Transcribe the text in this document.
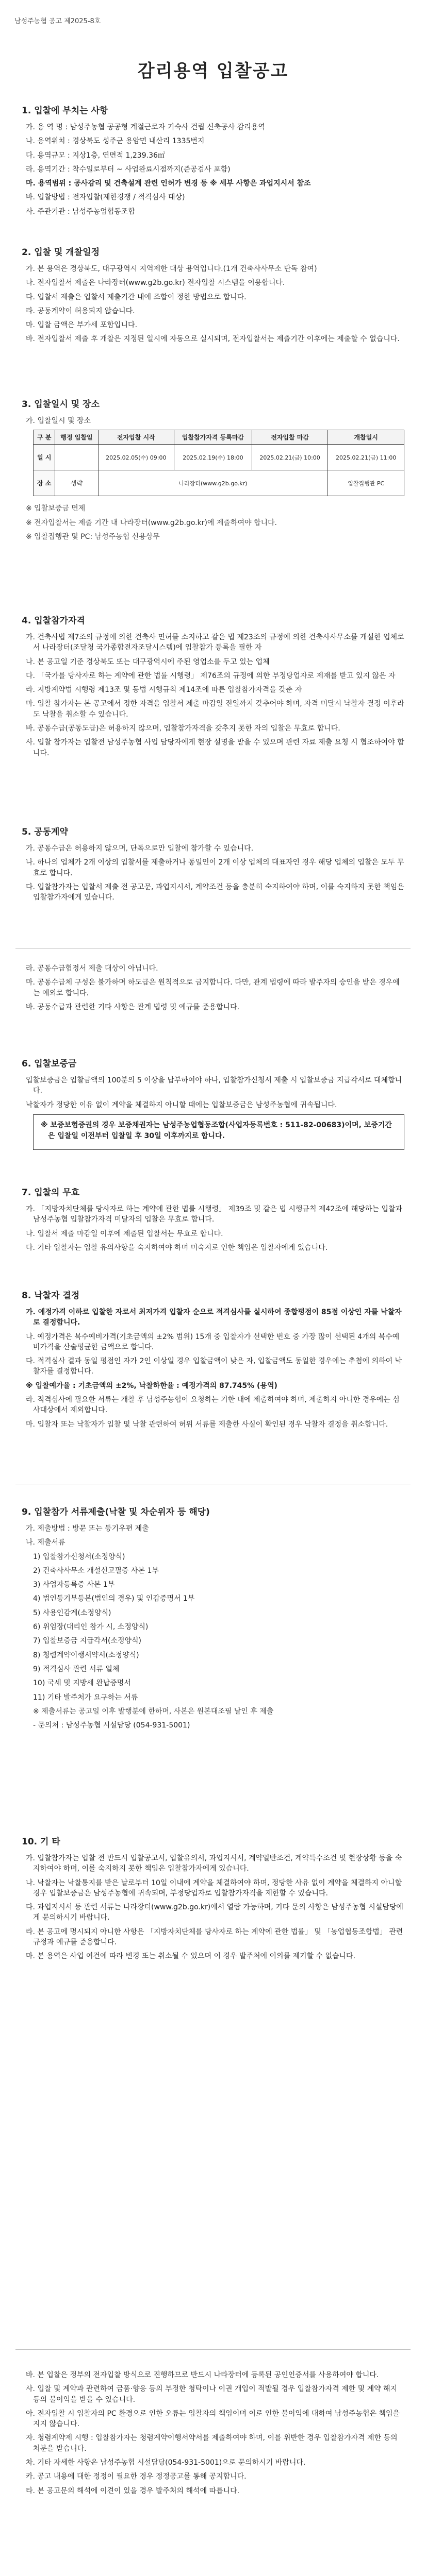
남성주농협 공고 제2025-8호
감리용역 입찰공고
1. 입찰에 부치는 사항

가. 용 역 명 : 남성주농협 공공형 계절근로자 기숙사 건립 신축공사 감리용역

나. 용역위치 : 경상북도 성주군 용암면 내산리 1335번지

다. 용역규모 : 지상1층, 연면적 1,239.36㎡

라. 용역기간 : 착수일로부터 ~ 사업완료시점까지(준공검사 포함)

마. 용역범위 : 공사감리 및 건축설계 관련 인허가 변경 등 ※ 세부 사항은 과업지시서 참조

바. 입찰방법 : 전자입찰(제한경쟁 / 적격심사 대상)

사. 주관기관 : 남성주농업협동조합

2. 입찰 및 개찰일정

가. 본 용역은 경상북도, 대구광역시 지역제한 대상 용역입니다.(1개 건축사사무소 단독 참여)

나. 전자입찰서 제출은 나라장터(www.g2b.go.kr) 전자입찰 시스템을 이용합니다.

다. 입찰서 제출은 입찰서 제출기간 내에 조합이 정한 방법으로 합니다.

라. 공동계약이 허용되지 않습니다.

마. 입찰 금액은 부가세 포함입니다.

바. 전자입찰서 제출 후 개찰은 지정된 일시에 자동으로 실시되며, 전자입찰서는 제출기간 이후에는 제출할 수 없습니다.

3. 입찰일시 및 장소

가. 입찰일시 및 장소

구 분	행정 입찰일	전자입찰 시작	입찰참가자격 등록마감	전자입찰 마감	개찰일시
일 시		2025.02.05(수) 09:00	2025.02.19(수) 18:00	2025.02.21(금) 10:00	2025.02.21(금) 11:00
장 소	생략	나라장터(www.g2b.go.kr)			입찰집행관 PC

※ 입찰보증금 면제

※ 전자입찰서는 제출 기간 내 나라장터(www.g2b.go.kr)에 제출하여야 합니다.

※ 입찰집행관 및 PC: 남성주농협 신용상무

4. 입찰참가자격

가. 건축사법 제7조의 규정에 의한 건축사 면허를 소지하고 같은 법 제23조의 규정에 의한 건축사사무소를 개설한 업체로서 나라장터(조달청 국가종합전자조달시스템)에 입찰참가 등록을 필한 자

나. 본 공고일 기준 경상북도 또는 대구광역시에 주된 영업소를 두고 있는 업체

다. 「국가를 당사자로 하는 계약에 관한 법률 시행령」 제76조의 규정에 의한 부정당업자로 제재를 받고 있지 않은 자

라. 지방계약법 시행령 제13조 및 동법 시행규칙 제14조에 따른 입찰참가자격을 갖춘 자

마. 입찰 참가자는 본 공고에서 정한 자격을 입찰서 제출 마감일 전일까지 갖추어야 하며, 자격 미달시 낙찰자 결정 이후라도 낙찰을 취소할 수 있습니다.

바. 공동수급(공동도급)은 허용하지 않으며, 입찰참가자격을 갖추지 못한 자의 입찰은 무효로 합니다.

사. 입찰 참가자는 입찰전 남성주농협 사업 담당자에게 현장 설명을 받을 수 있으며 관련 자료 제출 요청 시 협조하여야 합니다.

5. 공동계약

가. 공동수급은 허용하지 않으며, 단독으로만 입찰에 참가할 수 있습니다.

나. 하나의 업체가 2개 이상의 입찰서를 제출하거나 동일인이 2개 이상 업체의 대표자인 경우 해당 업체의 입찰은 모두 무효로 합니다.

다. 입찰참가자는 입찰서 제출 전 공고문, 과업지시서, 계약조건 등을 충분히 숙지하여야 하며, 이를 숙지하지 못한 책임은 입찰참가자에게 있습니다.

라. 공동수급협정서 제출 대상이 아닙니다.

마. 공동수급체 구성은 불가하며 하도급은 원칙적으로 금지합니다. 다만, 관계 법령에 따라 발주자의 승인을 받은 경우에는 예외로 합니다.

바. 공동수급과 관련한 기타 사항은 관계 법령 및 예규를 준용합니다.

6. 입찰보증금

입찰보증금은 입찰금액의 100분의 5 이상을 납부하여야 하나, 입찰참가신청서 제출 시 입찰보증금 지급각서로 대체합니다.

낙찰자가 정당한 이유 없이 계약을 체결하지 아니할 때에는 입찰보증금은 남성주농협에 귀속됩니다.

※ 보증보험증권의 경우 보증채권자는 남성주농업협동조합(사업자등록번호 : 511-82-00683)이며, 보증기간은 입찰일 이전부터 입찰일 후 30일 이후까지로 합니다.

7. 입찰의 무효

가. 「지방자치단체를 당사자로 하는 계약에 관한 법률 시행령」 제39조 및 같은 법 시행규칙 제42조에 해당하는 입찰과 남성주농협 입찰참가자격 미달자의 입찰은 무효로 합니다.

나. 입찰서 제출 마감일 이후에 제출된 입찰서는 무효로 합니다.

다. 기타 입찰자는 입찰 유의사항을 숙지하여야 하며 미숙지로 인한 책임은 입찰자에게 있습니다.

8. 낙찰자 결정

가. 예정가격 이하로 입찰한 자로서 최저가격 입찰자 순으로 적격심사를 실시하여 종합평점이 85점 이상인 자를 낙찰자로 결정합니다.

나. 예정가격은 복수예비가격(기초금액의 ±2% 범위) 15개 중 입찰자가 선택한 번호 중 가장 많이 선택된 4개의 복수예비가격을 산술평균한 금액으로 합니다.

다. 적격심사 결과 동일 평점인 자가 2인 이상일 경우 입찰금액이 낮은 자, 입찰금액도 동일한 경우에는 추첨에 의하여 낙찰자를 결정합니다.

※ 입찰예가율 : 기초금액의 ±2%, 낙찰하한율 : 예정가격의 87.745% (용역)

라. 적격심사에 필요한 서류는 개찰 후 남성주농협이 요청하는 기한 내에 제출하여야 하며, 제출하지 아니한 경우에는 심사대상에서 제외합니다.

마. 입찰자 또는 낙찰자가 입찰 및 낙찰 관련하여 허위 서류를 제출한 사실이 확인된 경우 낙찰자 결정을 취소합니다.

9. 입찰참가 서류제출(낙찰 및 차순위자 등 해당)

가. 제출방법 : 방문 또는 등기우편 제출

나. 제출서류

1) 입찰참가신청서(소정양식)

2) 건축사사무소 개설신고필증 사본 1부

3) 사업자등록증 사본 1부

4) 법인등기부등본(법인의 경우) 및 인감증명서 1부

5) 사용인감계(소정양식)

6) 위임장(대리인 참가 시, 소정양식)

7) 입찰보증금 지급각서(소정양식)

8) 청렴계약이행서약서(소정양식)

9) 적격심사 관련 서류 일체

10) 국세 및 지방세 완납증명서

11) 기타 발주처가 요구하는 서류

※ 제출서류는 공고일 이후 발행분에 한하며, 사본은 원본대조필 날인 후 제출

- 문의처 : 남성주농협 시설담당 (054-931-5001)

10. 기 타

가. 입찰참가자는 입찰 전 반드시 입찰공고서, 입찰유의서, 과업지시서, 계약일반조건, 계약특수조건 및 현장상황 등을 숙지하여야 하며, 이를 숙지하지 못한 책임은 입찰참가자에게 있습니다.

나. 낙찰자는 낙찰통지를 받은 날로부터 10일 이내에 계약을 체결하여야 하며, 정당한 사유 없이 계약을 체결하지 아니할 경우 입찰보증금은 남성주농협에 귀속되며, 부정당업자로 입찰참가자격을 제한할 수 있습니다.

다. 과업지시서 등 관련 서류는 나라장터(www.g2b.go.kr)에서 열람 가능하며, 기타 문의 사항은 남성주농협 시설담당에게 문의하시기 바랍니다.

라. 본 공고에 명시되지 아니한 사항은 「지방자치단체를 당사자로 하는 계약에 관한 법률」 및 「농업협동조합법」 관련 규정과 예규를 준용합니다.

마. 본 용역은 사업 여건에 따라 변경 또는 취소될 수 있으며 이 경우 발주처에 이의를 제기할 수 없습니다.

바. 본 입찰은 정부의 전자입찰 방식으로 진행하므로 반드시 나라장터에 등록된 공인인증서를 사용하여야 합니다.

사. 입찰 및 계약과 관련하여 금품·향응 등의 부정한 청탁이나 이권 개입이 적발될 경우 입찰참가자격 제한 및 계약 해지 등의 불이익을 받을 수 있습니다.

아. 전자입찰 시 입찰자의 PC 환경으로 인한 오류는 입찰자의 책임이며 이로 인한 불이익에 대하여 남성주농협은 책임을 지지 않습니다.

자. 청렴계약제 시행 : 입찰참가자는 청렴계약이행서약서를 제출하여야 하며, 이를 위반한 경우 입찰참가자격 제한 등의 처분을 받습니다.

차. 기타 자세한 사항은 남성주농협 시설담당(054-931-5001)으로 문의하시기 바랍니다.

카. 공고 내용에 대한 정정이 필요한 경우 정정공고를 통해 공지합니다.

타. 본 공고문의 해석에 이견이 있을 경우 발주처의 해석에 따릅니다.
